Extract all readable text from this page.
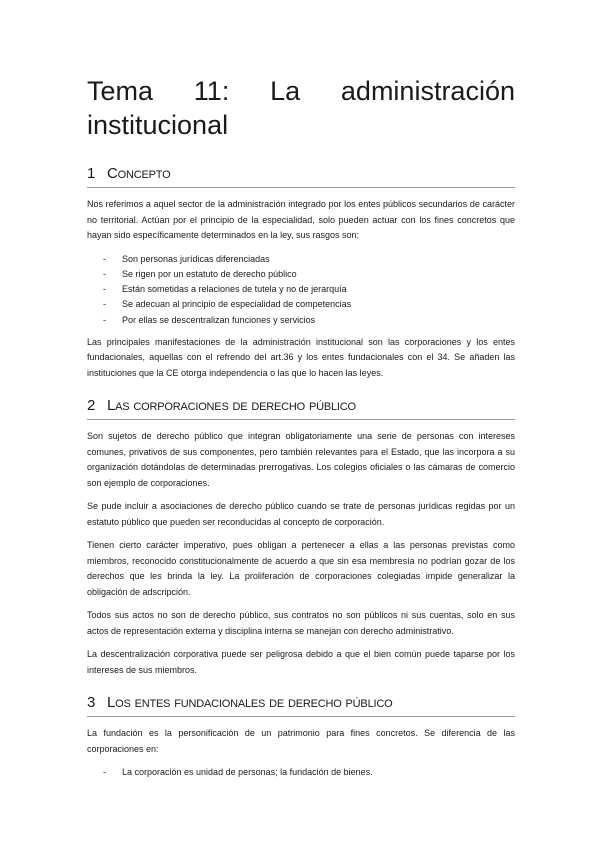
Tema 11: La administración
institucional
1 Concepto

Nos referimos a aquel sector de la administración integrado por los entes públicos secundarios de carácter no territorial. Actúan por el principio de la especialidad, solo pueden actuar con los fines concretos que hayan sido específicamente determinados en la ley, sus rasgos son:

- Son personas jurídicas diferenciadas
- Se rigen por un estatuto de derecho público
- Están sometidas a relaciones de tutela y no de jerarquía
- Se adecuan al principio de especialidad de competencias
- Por ellas se descentralizan funciones y servicios

Las principales manifestaciones de la administración institucional son las corporaciones y los entes fundacionales, aquellas con el refrendo del art.36 y los entes fundacionales con el 34. Se añaden las instituciones que la CE otorga independencia o las que lo hacen las leyes.

2 Las corporaciones de derecho público

Son sujetos de derecho público que integran obligatoriamente una serie de personas con intereses comunes, privativos de sus componentes, pero también relevantes para el Estado, que las incorpora a su organización dotándolas de determinadas prerrogativas. Los colegios oficiales o las cámaras de comercio son ejemplo de corporaciones.

Se pude incluir a asociaciones de derecho público cuando se trate de personas jurídicas regidas por un estatuto público que pueden ser reconducidas al concepto de corporación.

Tienen cierto carácter imperativo, pues obligan a pertenecer a ellas a las personas previstas como miembros, reconocido constitucionalmente de acuerdo a que sin esa membresía no podrían gozar de los derechos que les brinda la ley. La proliferación de corporaciones colegiadas impide generalizar la obligación de adscripción.

Todos sus actos no son de derecho público, sus contratos no son públicos ni sus cuentas, solo en sus actos de representación externa y disciplina interna se manejan con derecho administrativo.

La descentralización corporativa puede ser peligrosa debido a que el bien común puede taparse por los intereses de sus miembros.

3 Los entes fundacionales de derecho público

La fundación es la personificación de un patrimonio para fines concretos. Se diferencia de las corporaciones en:

- La corporación es unidad de personas; la fundación de bienes.
